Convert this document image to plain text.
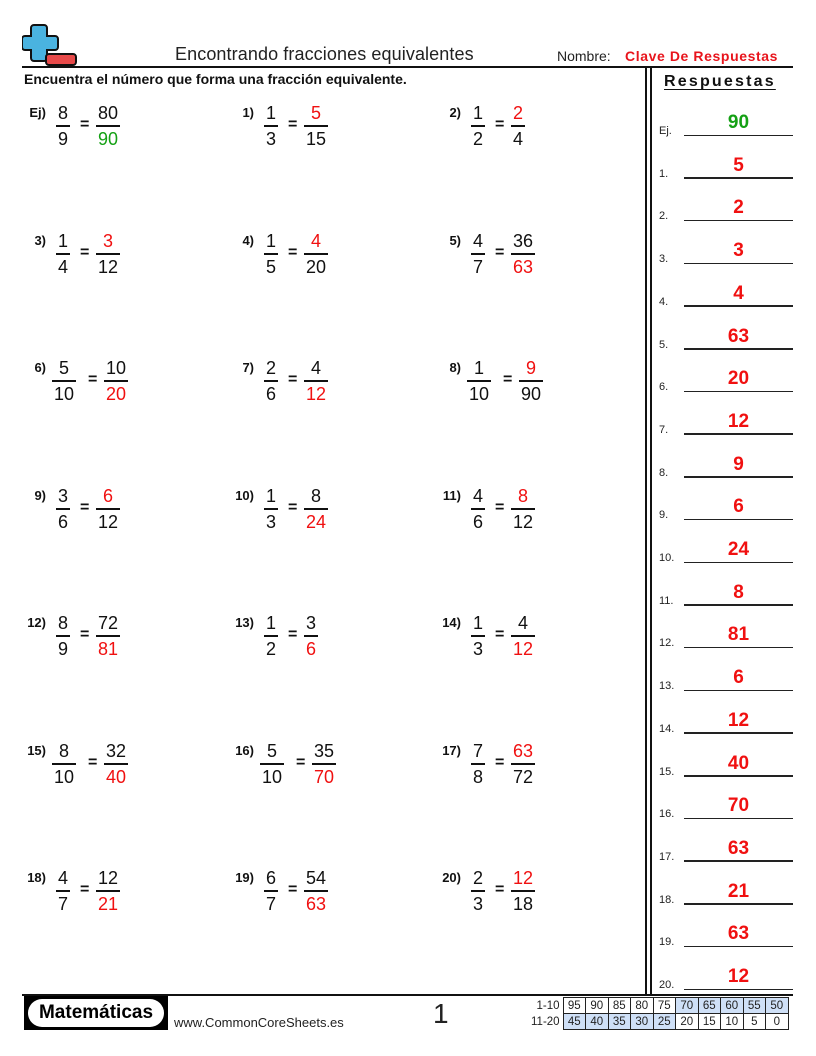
Encontrando fracciones equivalentes	Nombre: Clave De Respuestas
Encuentra el número que forma una fracción equivalente.	Respuestas
Ej) 8
9
=
80
90
1) 1
3
=
5
15
2) 1
2
=
2
4
3) 1
4
=
3
12
4) 1
5
=
4
20
5) 4
7
=
36
63
6) 5
10
=
10
20
7) 2
6
=
4
12
8) 1
10
=
9
90
9) 3
6
=
6
12
10) 1
3
=
8
24
11) 4
6
=
8
12
12) 8
9
=
72
81
13) 1
2
=
3
6
14) 1
3
=
4
12
15) 8
10
=
32
40
16) 5
10
=
35
70
17) 7
8
=
63
72
18) 4
7
=
12
21
19) 6
7
=
54
63
20) 2
3
=
12
18
Ej.	90
1.	5
2.	2
3.	3
4.	4
5.	63
6.	20
7.	12
8.	9
9.	6
10.	24
11.	8
12.	81
13.	6
14.	12
15.	40
16.	70
17.	63
18.	21
19.	63
20.	12
Matemáticas	www.CommonCoreSheets.es	1	1-10	95	90	85	80	75	70	65	60	55	50
11-20	45	40	35	30	25	20	15	10	5	0
